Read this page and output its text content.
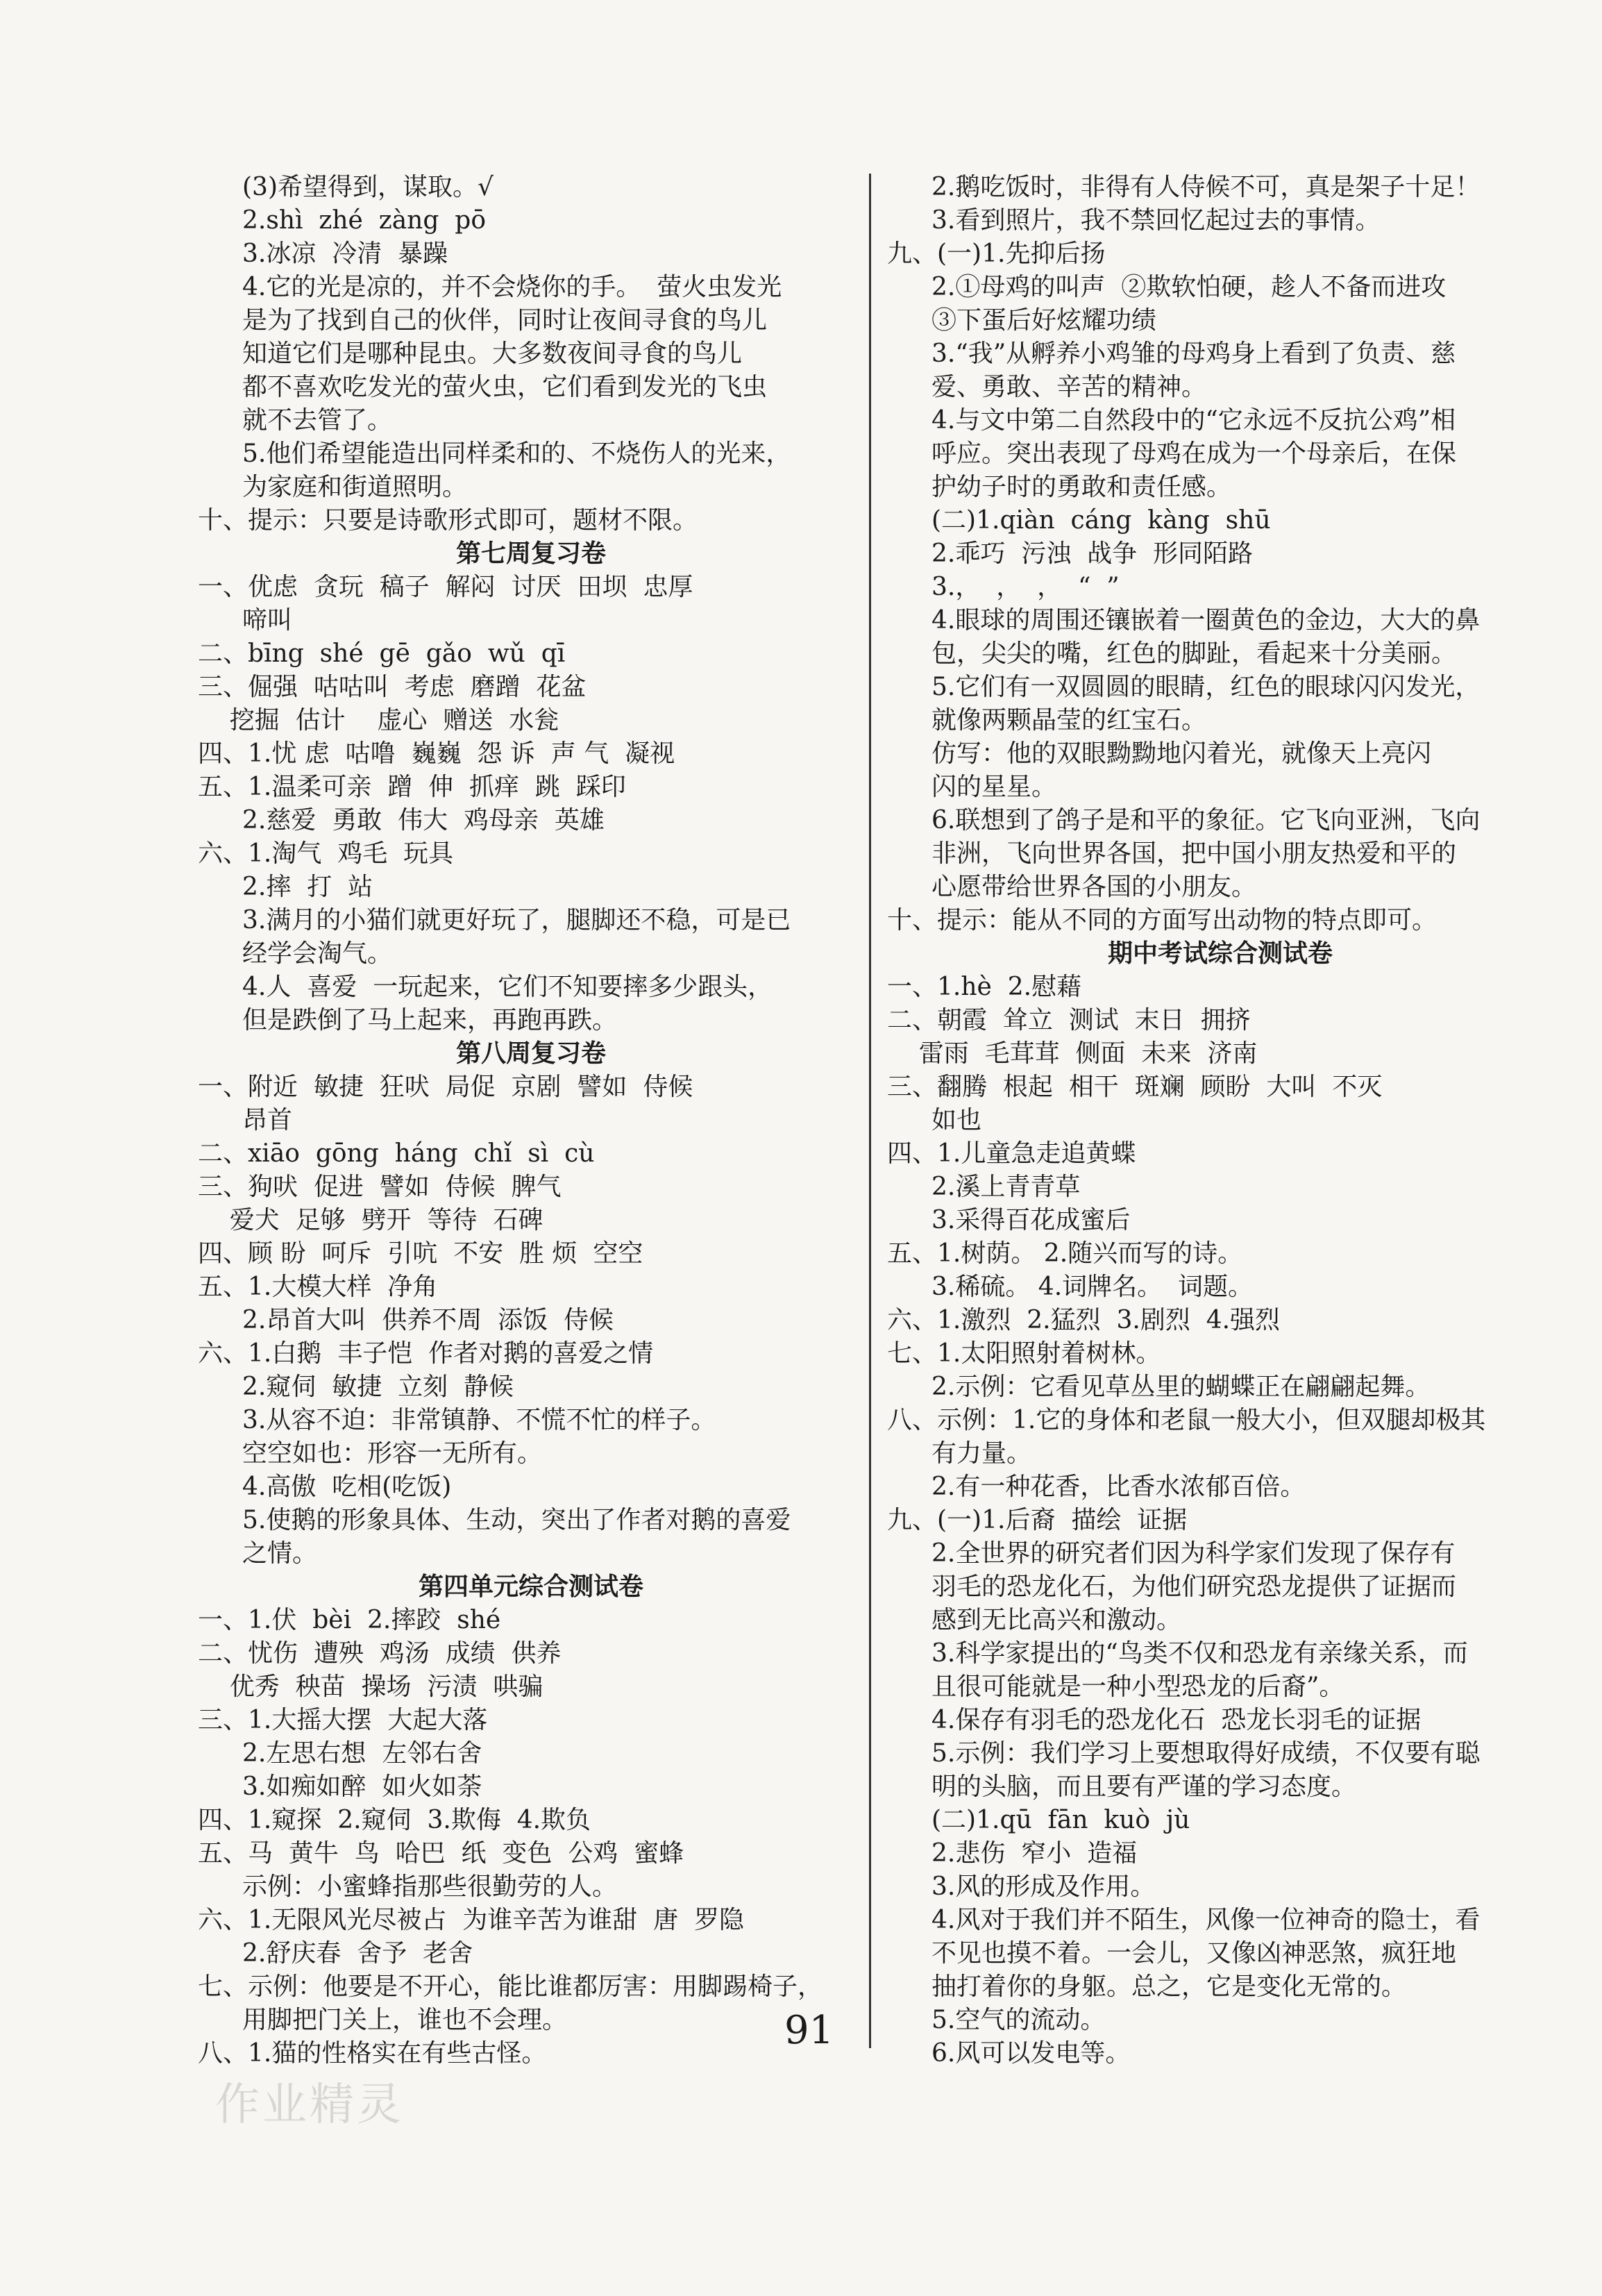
(3)希望得到，谋取。√
2.shì  zhé  zàng  pō
3.冰凉  冷清  暴躁
4.它的光是凉的，并不会烧你的手。  萤火虫发光
是为了找到自己的伙伴，同时让夜间寻食的鸟儿
知道它们是哪种昆虫。大多数夜间寻食的鸟儿
都不喜欢吃发光的萤火虫，它们看到发光的飞虫
就不去管了。
5.他们希望能造出同样柔和的、不烧伤人的光来，
为家庭和街道照明。
十、提示：只要是诗歌形式即可，题材不限。
第七周复习卷
一、优虑  贪玩  稿子  解闷  讨厌  田坝  忠厚
啼叫
二、bīng  shé  gē  gǎo  wǔ  qī
三、倔强  咕咕叫  考虑  磨蹭  花盆
挖掘  估计    虚心  赠送  水瓮
四、1.忧 虑  咕噜  巍巍  怨 诉  声 气  凝视
五、1.温柔可亲  蹭  伸  抓痒  跳  踩印
2.慈爱  勇敢  伟大  鸡母亲  英雄
六、1.淘气  鸡毛  玩具
2.摔  打  站
3.满月的小猫们就更好玩了，腿脚还不稳，可是已
经学会淘气。
4.人  喜爱  一玩起来，它们不知要摔多少跟头，
但是跌倒了马上起来，再跑再跌。
第八周复习卷
一、附近  敏捷  狂吠  局促  京剧  譬如  侍候
昂首
二、xiāo  gōng  háng  chǐ  sì  cù
三、狗吠  促进  譬如  侍候  脾气
爱犬  足够  劈开  等待  石碑
四、顾 盼  呵斥  引吭  不安  胜 烦  空空
五、1.大模大样  净角
2.昂首大叫  供养不周  添饭  侍候
六、1.白鹅  丰子恺  作者对鹅的喜爱之情
2.窥伺  敏捷  立刻  静候
3.从容不迫：非常镇静、不慌不忙的样子。
空空如也：形容一无所有。
4.高傲  吃相(吃饭)
5.使鹅的形象具体、生动，突出了作者对鹅的喜爱
之情。
第四单元综合测试卷
一、1.伏  bèi  2.摔跤  shé
二、忧伤  遭殃  鸡汤  成绩  供养
优秀  秧苗  操场  污渍  哄骗
三、1.大摇大摆  大起大落
2.左思右想  左邻右舍
3.如痴如醉  如火如荼
四、1.窥探  2.窥伺  3.欺侮  4.欺负
五、马  黄牛  鸟  哈巴  纸  变色  公鸡  蜜蜂
示例：小蜜蜂指那些很勤劳的人。
六、1.无限风光尽被占  为谁辛苦为谁甜  唐  罗隐
2.舒庆春  舍予  老舍
七、示例：他要是不开心，能比谁都厉害：用脚踢椅子，
用脚把门关上，谁也不会理。
八、1.猫的性格实在有些古怪。
2.鹅吃饭时，非得有人侍候不可，真是架子十足！
3.看到照片，我不禁回忆起过去的事情。
九、(一)1.先抑后扬
2.①母鸡的叫声  ②欺软怕硬，趁人不备而进攻
③下蛋后好炫耀功绩
3.“我”从孵养小鸡雏的母鸡身上看到了负责、慈
爱、勇敢、辛苦的精神。
4.与文中第二自然段中的“它永远不反抗公鸡”相
呼应。突出表现了母鸡在成为一个母亲后，在保
护幼子时的勇敢和责任感。
(二)1.qiàn  cáng  kàng  shū
2.乖巧  污浊  战争  形同陌路
3.，  ，  ，  “  ”
4.眼球的周围还镶嵌着一圈黄色的金边，大大的鼻
包，尖尖的嘴，红色的脚趾，看起来十分美丽。
5.它们有一双圆圆的眼睛，红色的眼球闪闪发光，
就像两颗晶莹的红宝石。
仿写：他的双眼黝黝地闪着光，就像天上亮闪
闪的星星。
6.联想到了鸽子是和平的象征。它飞向亚洲，飞向
非洲，飞向世界各国，把中国小朋友热爱和平的
心愿带给世界各国的小朋友。
十、提示：能从不同的方面写出动物的特点即可。
期中考试综合测试卷
一、1.hè  2.慰藉
二、朝霞  耸立  测试  末日  拥挤
雷雨  毛茸茸  侧面  未来  济南
三、翻腾  根起  相干  斑斓  顾盼  大叫  不灭
如也
四、1.儿童急走追黄蝶
2.溪上青青草
3.采得百花成蜜后
五、1.树荫。 2.随兴而写的诗。
3.稀硫。 4.词牌名。  词题。
六、1.激烈  2.猛烈  3.剧烈  4.强烈
七、1.太阳照射着树林。
2.示例：它看见草丛里的蝴蝶正在翩翩起舞。
八、示例：1.它的身体和老鼠一般大小，但双腿却极其
有力量。
2.有一种花香，比香水浓郁百倍。
九、(一)1.后裔  描绘  证据
2.全世界的研究者们因为科学家们发现了保存有
羽毛的恐龙化石，为他们研究恐龙提供了证据而
感到无比高兴和激动。
3.科学家提出的“鸟类不仅和恐龙有亲缘关系，而
且很可能就是一种小型恐龙的后裔”。
4.保存有羽毛的恐龙化石  恐龙长羽毛的证据
5.示例：我们学习上要想取得好成绩，不仅要有聪
明的头脑，而且要有严谨的学习态度。
(二)1.qū  fān  kuò  jù
2.悲伤  窄小  造福
3.风的形成及作用。
4.风对于我们并不陌生，风像一位神奇的隐士，看
不见也摸不着。一会儿，又像凶神恶煞，疯狂地
抽打着你的身躯。总之，它是变化无常的。
5.空气的流动。
6.风可以发电等。
91
作业精灵
